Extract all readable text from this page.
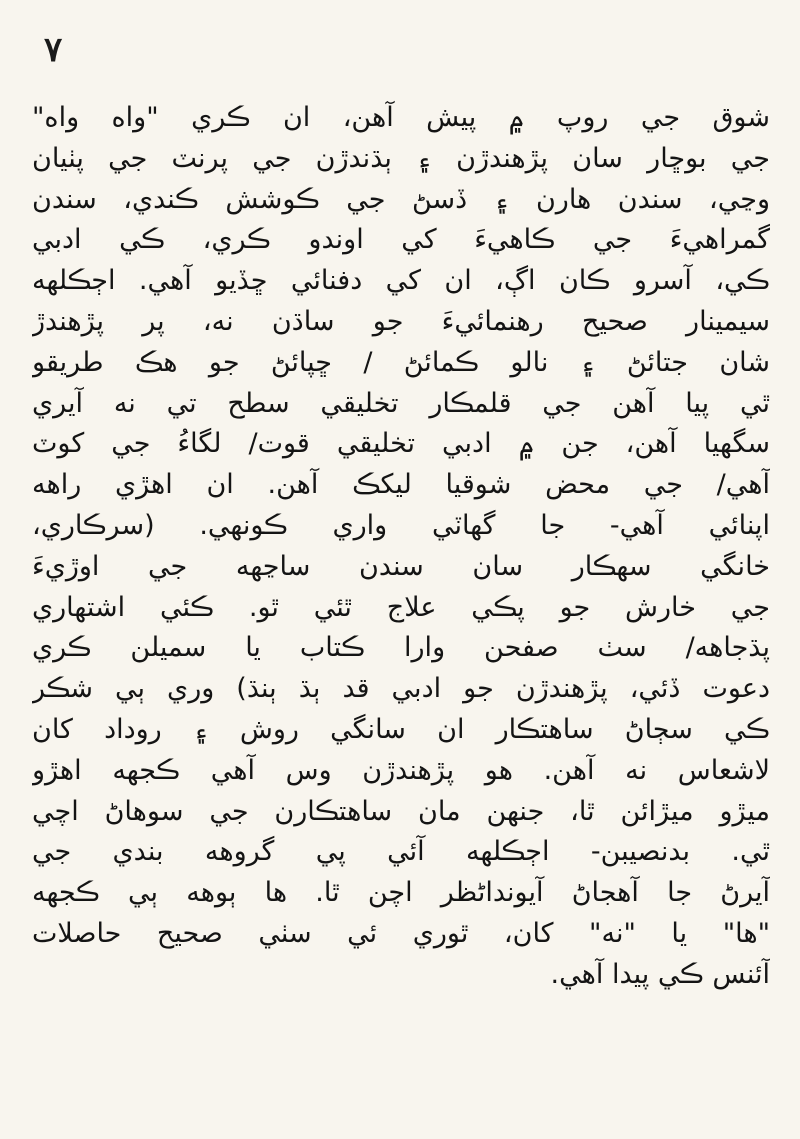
٧
شوق جي روپ ۾ پيش آهن، ان ڪري "واه واه"
جي بوڇار سان پڙهندڙن ۽ ٻڌندڙن جي پرنٽ جي پٺيان
وڃي، سندن هارن ۽ ڏسڻ جي ڪوشش ڪندي، سندن
گمراهيءَ جي ڪاهيءَ کي اوندو ڪري، ڪي ادبي
ڪي، آسرو ڪان اڳ، ان کي دفنائي ڇڏيو آهي. اڄڪلهه
سيمينار صحيح رهنمائيءَ جو ساڌن نه، پر پڙهندڙ
شان جتائڻ ۽ نالو ڪمائڻ / ڇپائڻ جو هڪ طريقو
ٿي پيا آهن جي قلمڪار تخليقي سطح تي نه آيري
سگهيا آهن، جن ۾ ادبي تخليقي قوت/ لگاءُ جي کوٽ
آهي/ جي محض شوقيا ليکڪ آهن. ان اهڙي راهه
اپنائي آهي- جا گهاٽي واري ڪونهي. (سرڪاري،
خانگي سهڪار سان سندن ساڃهه جي اوڙيءَ
جي خارش جو پڪي علاج ٿئي ٿو. ڪئي اشتهاري
پڌجاهه/ سٺ صفحن وارا ڪتاب يا سميلن ڪري
دعوت ڏئي، پڙهندڙن جو ادبي قد ٻڌ ٻنڌ) وري ٻي شڪر
ڪي سڄاڻ ساهتڪار ان سانگي روش ۽ روداد کان
لاشعاس نه آهن. هو پڙهندڙن وس آهي ڪجهه اهڙو
ميڙو ميڙائن ٿا، جنهن مان ساهتڪارن جي سوهاڻ اچي
ٿي. بدنصيبن- اڄڪلهه آئي پي گروهه بندي جي
آيرڻ جا آهجاڻ آيونداڻظر اچن ٿا. ها ٻوهه ٻي ڪجهه
"ها" يا "نه" کان، ٿوري ئي سٺي صحيح حاصلات
آئنس ڪي پيدا آهي.
